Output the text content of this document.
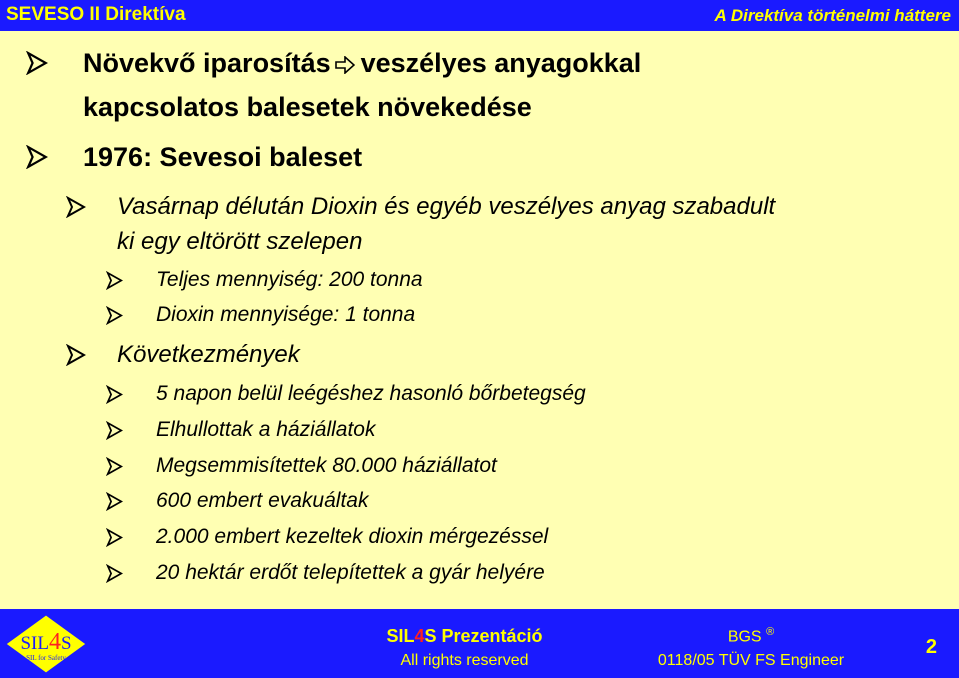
SEVESO II Direktíva	A Direktíva történelmi háttere
Növekvő iparosítás veszélyes anyagokkal
kapcsolatos balesetek növekedése
1976: Sevesoi baleset
Vasárnap délután Dioxin és egyéb veszélyes anyag szabadult
ki egy eltörött szelepen
Teljes mennyiség: 200 tonna
Dioxin mennyisége: 1 tonna
Következmények
5 napon belül leégéshez hasonló bőrbetegség
Elhullottak a háziállatok
Megsemmisítettek 80.000 háziállatot
600 embert evakuáltak
2.000 embert kezeltek dioxin mérgezéssel
20 hektár erdőt telepítettek a gyár helyére
SIL4S
SIL for Safety
SIL4S Prezentáció
All rights reserved
BGS ®
0118/05 TÜV FS Engineer
2
